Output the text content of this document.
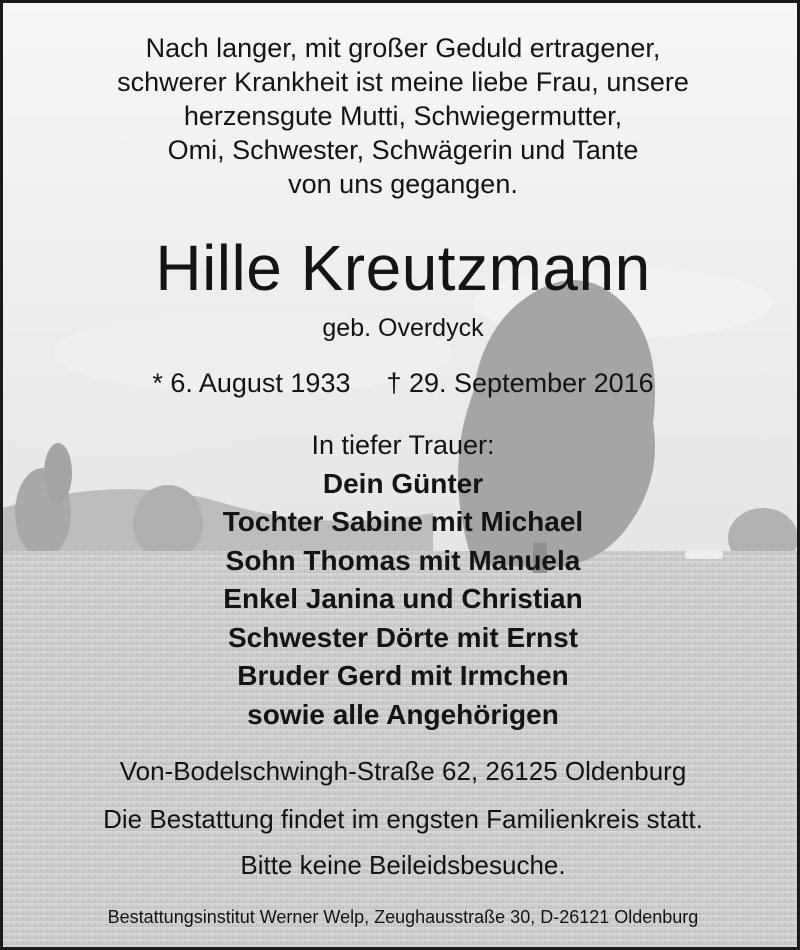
Nach langer, mit großer Geduld ertragener,
schwerer Krankheit ist meine liebe Frau, unsere
herzensgute Mutti, Schwiegermutter,
Omi, Schwester, Schwägerin und Tante
von uns gegangen.
Hille Kreutzmann
geb. Overdyck
* 6. August 1933 † 29. September 2016
In tiefer Trauer:
Dein Günter
Tochter Sabine mit Michael
Sohn Thomas mit Manuela
Enkel Janina und Christian
Schwester Dörte mit Ernst
Bruder Gerd mit Irmchen
sowie alle Angehörigen
Von-Bodelschwingh-Straße 62, 26125 Oldenburg
Die Bestattung findet im engsten Familienkreis statt.
Bitte keine Beileidsbesuche.
Bestattungsinstitut Werner Welp, Zeughausstraße 30, D-26121 Oldenburg
